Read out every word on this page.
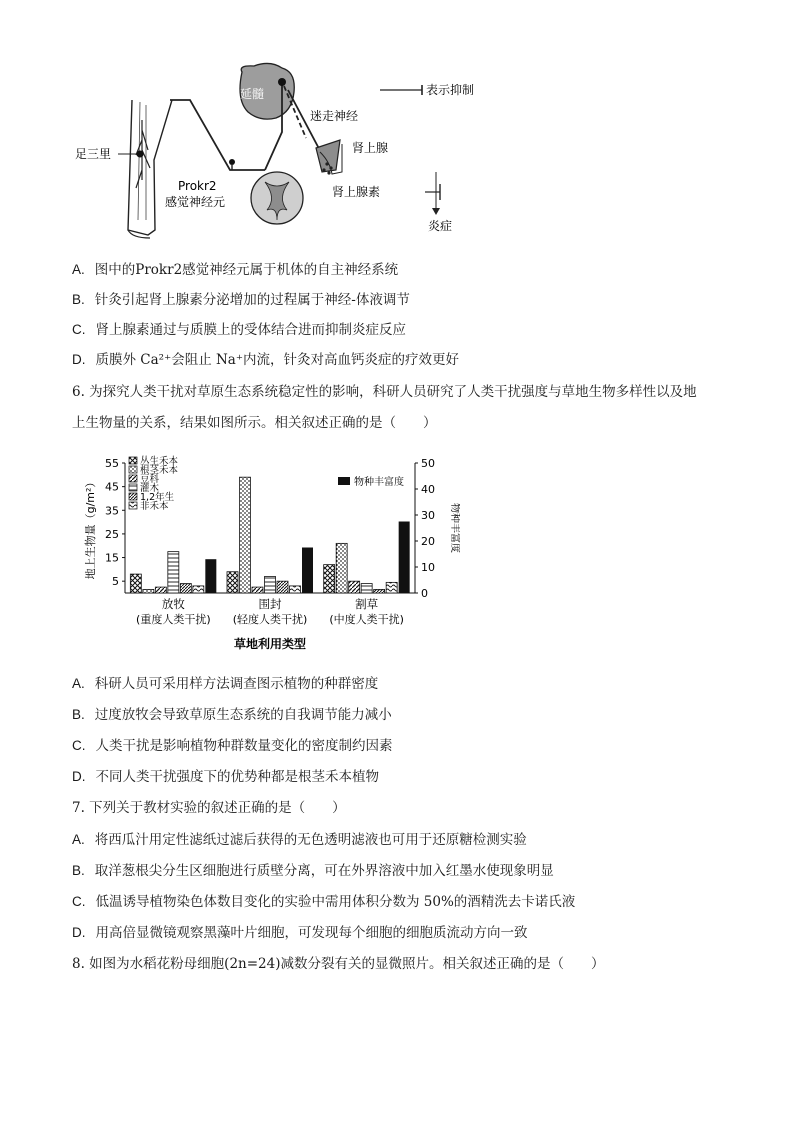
延髓
迷走神经
肾上腺
肾上腺素
炎症
足三里
Prokr2
感觉神经元
表示抑制
A. 图中的Prokr2感觉神经元属于机体的自主神经系统
B. 针灸引起肾上腺素分泌增加的过程属于神经-体液调节
C. 肾上腺素通过与质膜上的受体结合进而抑制炎症反应
D. 质膜外 Ca²⁺会阻止 Na⁺内流，针灸对高血钙炎症的疗效更好
6. 为探究人类干扰对草原生态系统稳定性的影响，科研人员研究了人类干扰强度与草地生物多样性以及地
上生物量的关系，结果如图所示。相关叙述正确的是（　　）
5
15
25
35
45
55
0
10
20
30
40
50
地上生物量（g/m²）	物种丰富度
放牧
(重度人类干扰)
围封
(轻度人类干扰)
割草
(中度人类干扰)
草地利用类型
丛生禾本
根茎禾本
豆科
灌木
1,2年生
非禾本
物种丰富度
A. 科研人员可采用样方法调查图示植物的种群密度
B. 过度放牧会导致草原生态系统的自我调节能力减小
C. 人类干扰是影响植物种群数量变化的密度制约因素
D. 不同人类干扰强度下的优势种都是根茎禾本植物
7. 下列关于教材实验的叙述正确的是（　　）
A. 将西瓜汁用定性滤纸过滤后获得的无色透明滤液也可用于还原糖检测实验
B. 取洋葱根尖分生区细胞进行质壁分离，可在外界溶液中加入红墨水使现象明显
C. 低温诱导植物染色体数目变化的实验中需用体积分数为 50%的酒精洗去卡诺氏液
D. 用高倍显微镜观察黑藻叶片细胞，可发现每个细胞的细胞质流动方向一致
8. 如图为水稻花粉母细胞(2n=24)减数分裂有关的显微照片。相关叙述正确的是（　　）
